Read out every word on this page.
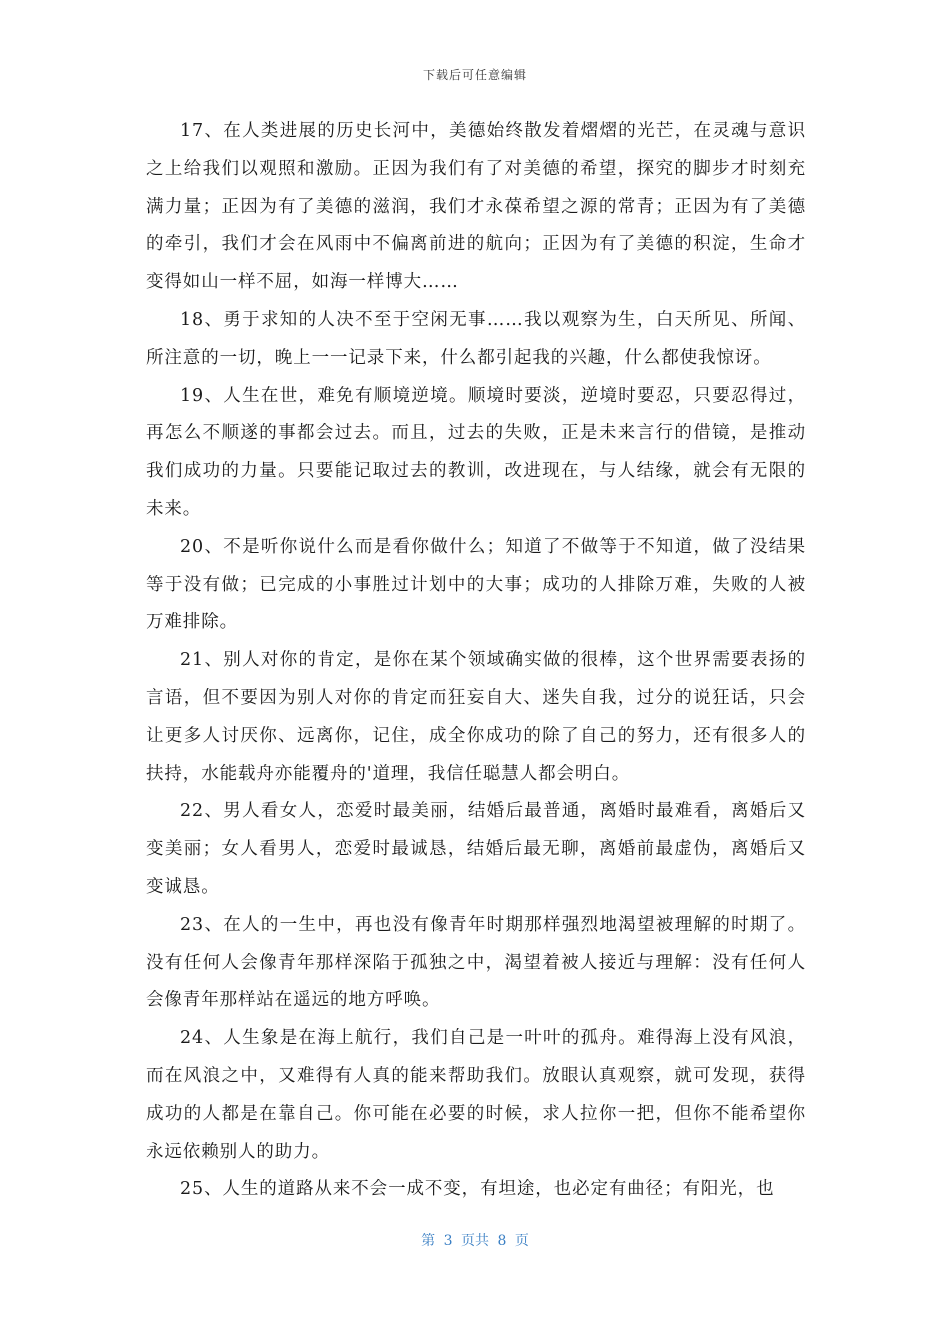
下载后可任意编辑

17、在人类进展的历史长河中，美德始终散发着熠熠的光芒，在灵魂与意识之上给我们以观照和激励。正因为我们有了对美德的希望，探究的脚步才时刻充满力量；正因为有了美德的滋润，我们才永葆希望之源的常青；正因为有了美德的牵引，我们才会在风雨中不偏离前进的航向；正因为有了美德的积淀，生命才变得如山一样不屈，如海一样博大……

18、勇于求知的人决不至于空闲无事……我以观察为生，白天所见、所闻、所注意的一切，晚上一一记录下来，什么都引起我的兴趣，什么都使我惊讶。

19、人生在世，难免有顺境逆境。顺境时要淡，逆境时要忍，只要忍得过，再怎么不顺遂的事都会过去。而且，过去的失败，正是未来言行的借镜，是推动我们成功的力量。只要能记取过去的教训，改进现在，与人结缘，就会有无限的未来。

20、不是听你说什么而是看你做什么；知道了不做等于不知道，做了没结果等于没有做；已完成的小事胜过计划中的大事；成功的人排除万难，失败的人被万难排除。

21、别人对你的肯定，是你在某个领域确实做的很棒，这个世界需要表扬的言语，但不要因为别人对你的肯定而狂妄自大、迷失自我，过分的说狂话，只会让更多人讨厌你、远离你，记住，成全你成功的除了自己的努力，还有很多人的扶持，水能载舟亦能覆舟的'道理，我信任聪慧人都会明白。

22、男人看女人，恋爱时最美丽，结婚后最普通，离婚时最难看，离婚后又变美丽；女人看男人，恋爱时最诚恳，结婚后最无聊，离婚前最虚伪，离婚后又变诚恳。

23、在人的一生中，再也没有像青年时期那样强烈地渴望被理解的时期了。没有任何人会像青年那样深陷于孤独之中，渴望着被人接近与理解：没有任何人会像青年那样站在遥远的地方呼唤。

24、人生象是在海上航行，我们自己是一叶叶的孤舟。难得海上没有风浪，而在风浪之中，又难得有人真的能来帮助我们。放眼认真观察，就可发现，获得成功的人都是在靠自己。你可能在必要的时候，求人拉你一把，但你不能希望你永远依赖别人的助力。

25、人生的道路从来不会一成不变，有坦途，也必定有曲径；有阳光，也

第 3 页共 8 页
